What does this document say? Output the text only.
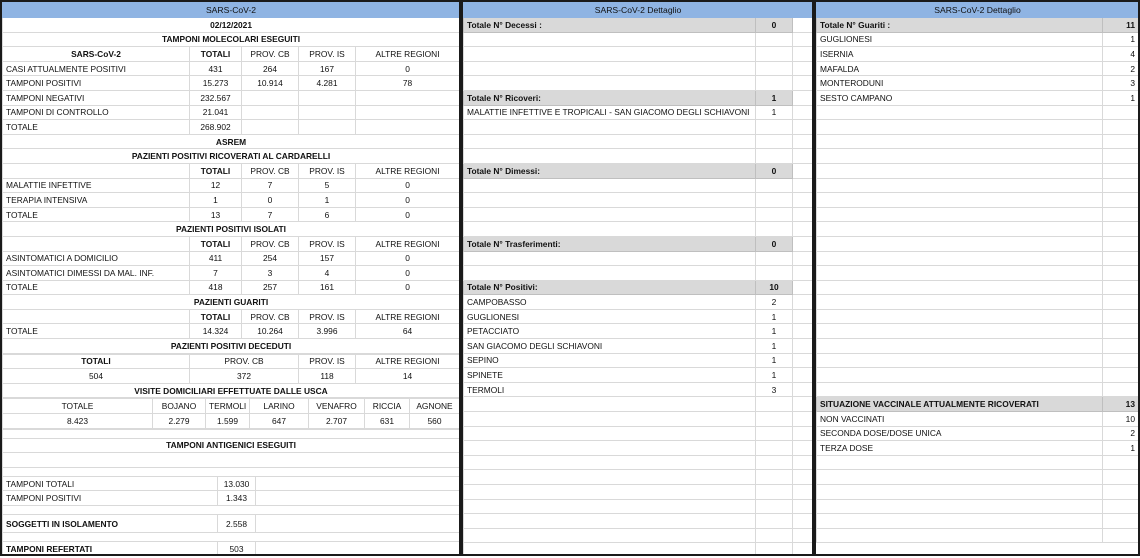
SARS-CoV-2				
02/12/2021				
TAMPONI MOLECOLARI ESEGUITI				
SARS-CoV-2	TOTALI	PROV. CB	PROV. IS	ALTRE REGIONI
CASI ATTUALMENTE POSITIVI	431	264	167	0
TAMPONI POSITIVI	15.273	10.914	4.281	78
TAMPONI NEGATIVI	232.567			
TAMPONI DI CONTROLLO	21.041			
TOTALE	268.902			
ASREM				
PAZIENTI POSITIVI RICOVERATI AL CARDARELLI				
	TOTALI	PROV. CB	PROV. IS	ALTRE REGIONI
MALATTIE INFETTIVE	12	7	5	0
TERAPIA INTENSIVA	1	0	1	0
TOTALE	13	7	6	0
PAZIENTI POSITIVI ISOLATI				
	TOTALI	PROV. CB	PROV. IS	ALTRE REGIONI
ASINTOMATICI A DOMICILIO	411	254	157	0
ASINTOMATICI DIMESSI DA MAL. INF.	7	3	4	0
TOTALE	418	257	161	0
PAZIENTI GUARITI				
	TOTALI	PROV. CB	PROV. IS	ALTRE REGIONI
TOTALE	14.324	10.264	3.996	64
PAZIENTI POSITIVI DECEDUTI				
TOTALI	PROV. CB	PROV. IS	ALTRE REGIONI
504	372	118	14
VISITE DOMICILIARI EFFETTUATE DALLE USCA			
TOTALE	BOJANO	TERMOLI	LARINO	VENAFRO	RICCIA	AGNONE
8.423	2.279	1.599	647	2.707	631	560

TAMPONI ANTIGENICI ESEGUITI		

TAMPONI TOTALI	13.030	
TAMPONI POSITIVI	1.343	

SOGGETTI IN ISOLAMENTO	2.558	

TAMPONI REFERTATI	503	
SARS-CoV-2 Dettaglio		
Totale N° Decessi :	0	

Totale N° Ricoveri:	1	
MALATTIE INFETTIVE E TROPICALI - SAN GIACOMO DEGLI SCHIAVONI	1	

Totale N° Dimessi:	0	

Totale N° Trasferimenti:	0	

Totale N° Positivi:	10	
CAMPOBASSO	2	
GUGLIONESI	1	
PETACCIATO	1	
SAN GIACOMO DEGLI SCHIAVONI	1	
SEPINO	1	
SPINETE	1	
TERMOLI	3	

SARS-CoV-2 Dettaglio	
Totale N° Guariti :	11
GUGLIONESI	1
ISERNIA	4
MAFALDA	2
MONTERODUNI	3
SESTO CAMPANO	1

SITUAZIONE VACCINALE ATTUALMENTE RICOVERATI	13
NON VACCINATI	10
SECONDA DOSE/DOSE UNICA	2
TERZA DOSE	1
